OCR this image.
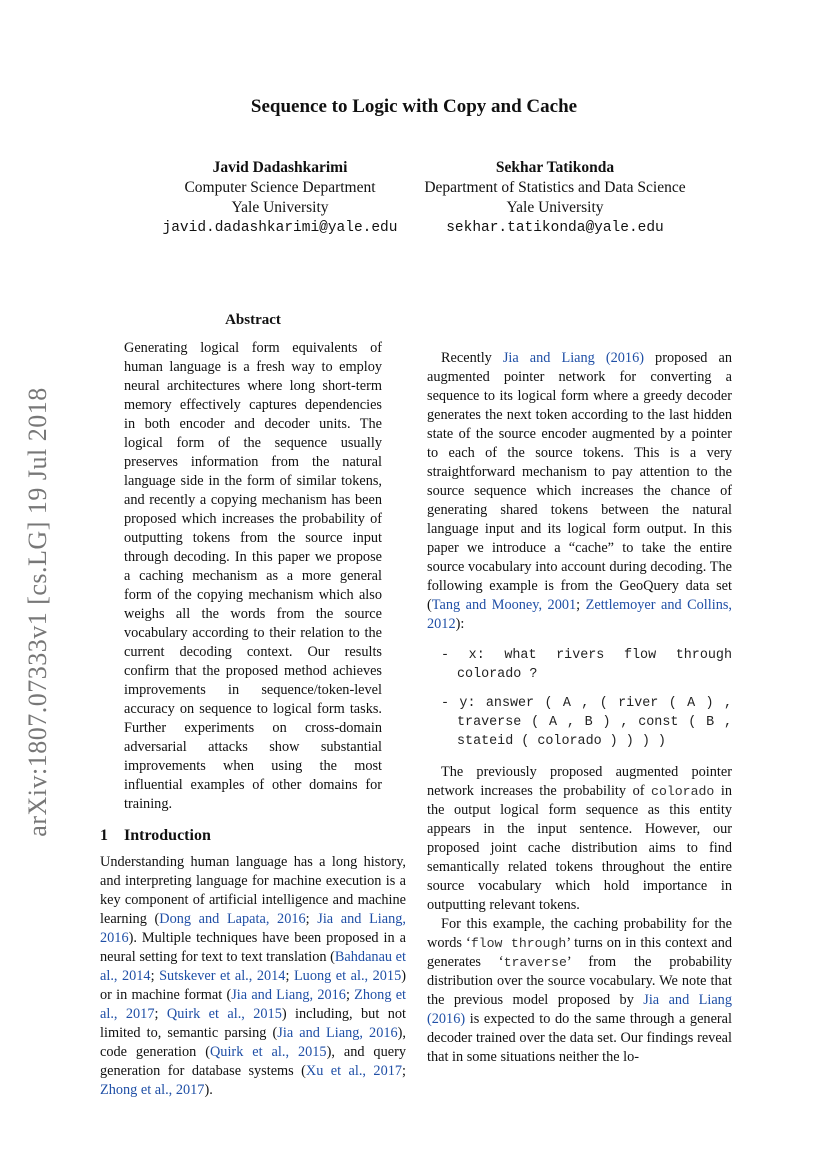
arXiv:1807.07333v1 [cs.LG] 19 Jul 2018
Sequence to Logic with Copy and Cache
Javid Dadashkarimi
Computer Science Department
Yale University
javid.dadashkarimi@yale.edu
Sekhar Tatikonda
Department of Statistics and Data Science
Yale University
sekhar.tatikonda@yale.edu
Abstract

Generating logical form equivalents of human language is a fresh way to employ neural architectures where long short-term memory effectively captures dependencies in both encoder and decoder units. The logical form of the sequence usually preserves information from the natural language side in the form of similar tokens, and recently a copying mechanism has been proposed which increases the probability of outputting tokens from the source input through decoding. In this paper we propose a caching mechanism as a more general form of the copying mechanism which also weighs all the words from the source vocabulary according to their relation to the current decoding context. Our results confirm that the proposed method achieves improvements in sequence/token-level accuracy on sequence to logical form tasks. Further experiments on cross-domain adversarial attacks show substantial improvements when using the most influential examples of other domains for training.

1 Introduction

Understanding human language has a long history, and interpreting language for machine execution is a key component of artificial intelligence and machine learning (Dong and Lapata, 2016; Jia and Liang, 2016). Multiple techniques have been proposed in a neural setting for text to text translation (Bahdanau et al., 2014; Sutskever et al., 2014; Luong et al., 2015) or in machine format (Jia and Liang, 2016; Zhong et al., 2017; Quirk et al., 2015) including, but not limited to, semantic parsing (Jia and Liang, 2016), code generation (Quirk et al., 2015), and query generation for database systems (Xu et al., 2017; Zhong et al., 2017).

Recently Jia and Liang (2016) proposed an augmented pointer network for converting a sequence to its logical form where a greedy decoder generates the next token according to the last hidden state of the source encoder augmented by a pointer to each of the source tokens. This is a very straightforward mechanism to pay attention to the source sequence which increases the chance of generating shared tokens between the natural language input and its logical form output. In this paper we introduce a “cache” to take the entire source vocabulary into account during decoding. The following example is from the GeoQuery data set (Tang and Mooney, 2001; Zettlemoyer and Collins, 2012):

- x: what rivers flow through colorado ?
- y: answer ( A , ( river ( A ) , traverse ( A , B ) , const ( B , stateid ( colorado ) ) ) )

The previously proposed augmented pointer network increases the probability of colorado in the output logical form sequence as this entity appears in the input sentence. However, our proposed joint cache distribution aims to find semantically related tokens throughout the entire source vocabulary which hold importance in outputting relevant tokens.

For this example, the caching probability for the words ‘flow through’ turns on in this context and generates ‘traverse’ from the probability distribution over the source vocabulary. We note that the previous model proposed by Jia and Liang (2016) is expected to do the same through a general decoder trained over the data set. Our findings reveal that in some situations neither the lo-
